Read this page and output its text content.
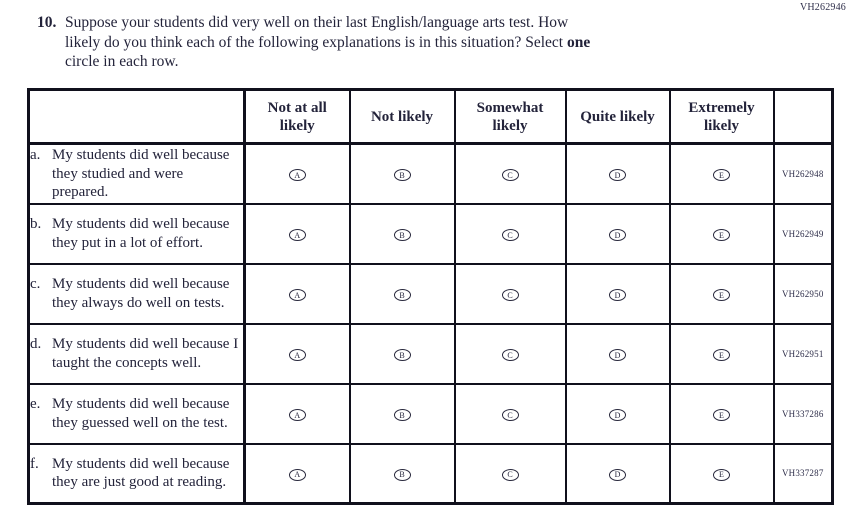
VH262946
10. Suppose your students did very well on their last English/language arts test. How
likely do you think each of the following explanations is in this situation? Select one
circle in each row.
	Not at all likely	Not likely	Somewhat likely	Quite likely	Extremely likely	

a. My students did well because they studied and were prepared.	A	B	C	D	E	VH262948

b. My students did well because they put in a lot of effort.	A	B	C	D	E	VH262949

c. My students did well because they always do well on tests.	A	B	C	D	E	VH262950

d. My students did well because I taught the concepts well.	A	B	C	D	E	VH262951

e. My students did well because they guessed well on the test.	A	B	C	D	E	VH337286

f. My students did well because they are just good at reading.	A	B	C	D	E	VH337287
